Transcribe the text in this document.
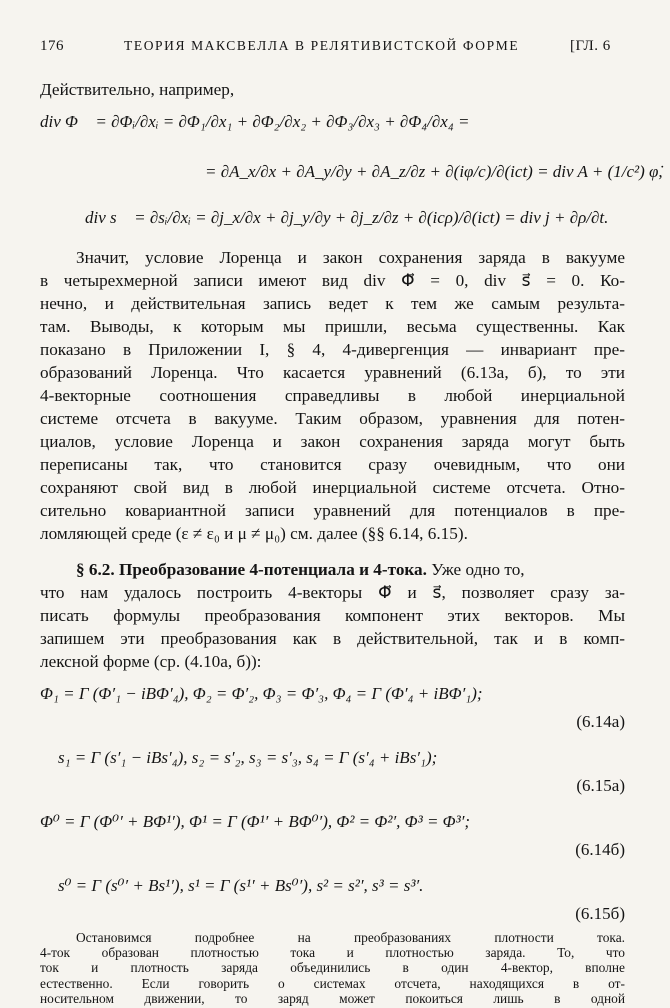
176	ТЕОРИЯ МАКСВЕЛЛА В РЕЛЯТИВИСТСКОЙ ФОРМЕ	[ГЛ. 6
Действительно, например,
div Φ⃗ = ∂Φᵢ/∂xᵢ = ∂Φ₁/∂x₁ + ∂Φ₂/∂x₂ + ∂Φ₃/∂x₃ + ∂Φ₄/∂x₄ =
= ∂A_x/∂x + ∂A_y/∂y + ∂A_z/∂z + ∂(iφ/c)/∂(ict) = div A + (1/c²) φ̇,
div s⃗ = ∂sᵢ/∂xᵢ = ∂j_x/∂x + ∂j_y/∂y + ∂j_z/∂z + ∂(icρ)/∂(ict) = div j + ∂ρ/∂t.
Значит, условие Лоренца и закон сохранения заряда в вакууме
в четырехмерной записи имеют вид div Φ⃗ = 0, div s⃗ = 0. Ко-
нечно, и действительная запись ведет к тем же самым результа-
там. Выводы, к которым мы пришли, весьма существенны. Как
показано в Приложении I, § 4, 4-дивергенция — инвариант пре-
образований Лоренца. Что касается уравнений (6.13а, б), то эти
4-векторные соотношения справедливы в любой инерциальной
системе отсчета в вакууме. Таким образом, уравнения для потен-
циалов, условие Лоренца и закон сохранения заряда могут быть
переписаны так, что становится сразу очевидным, что они
сохраняют свой вид в любой инерциальной системе отсчета. Отно-
сительно ковариантной записи уравнений для потенциалов в пре-
ломляющей среде (ε ≠ ε₀ и μ ≠ μ₀) см. далее (§§ 6.14, 6.15).
§ 6.2. Преобразование 4-потенциала и 4-тока. Уже одно то,
что нам удалось построить 4-векторы Φ⃗ и s⃗, позволяет сразу за-
писать формулы преобразования компонент этих векторов. Мы
запишем эти преобразования как в действительной, так и в комп-
лексной форме (ср. (4.10а, б)):
Φ₁ = Γ (Φ′₁ − iBΦ′₄), Φ₂ = Φ′₂, Φ₃ = Φ′₃, Φ₄ = Γ (Φ′₄ + iBΦ′₁);
(6.14а)
s₁ = Γ (s′₁ − iBs′₄), s₂ = s′₂, s₃ = s′₃, s₄ = Γ (s′₄ + iBs′₁);
(6.15а)
Φ⁰ = Γ (Φ⁰′ + BΦ¹′), Φ¹ = Γ (Φ¹′ + BΦ⁰′), Φ² = Φ²′, Φ³ = Φ³′;
(6.14б)
s⁰ = Γ (s⁰′ + Bs¹′), s¹ = Γ (s¹′ + Bs⁰′), s² = s²′, s³ = s³′.
(6.15б)
Остановимся подробнее на преобразованиях плотности тока.
4-ток образован плотностью тока и плотностью заряда. То, что
ток и плотность заряда объединились в один 4-вектор, вполне
естественно. Если говорить о системах отсчета, находящихся в от-
носительном движении, то заряд может покоиться лишь в одной
